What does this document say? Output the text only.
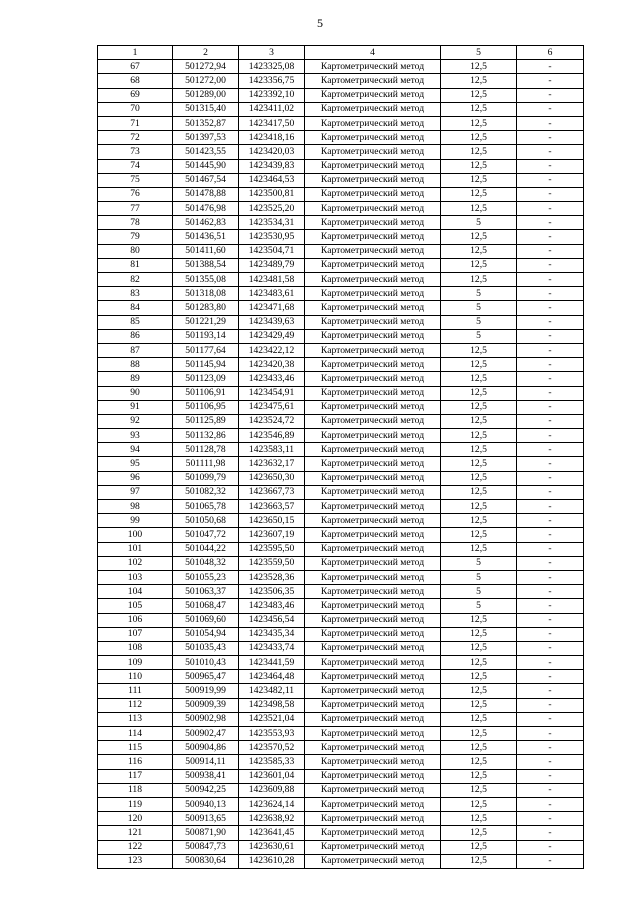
5
1	2	3	4	5	6
67	501272,94	1423325,08	Картометрический метод	12,5	-
68	501272,00	1423356,75	Картометрический метод	12,5	-
69	501289,00	1423392,10	Картометрический метод	12,5	-
70	501315,40	1423411,02	Картометрический метод	12,5	-
71	501352,87	1423417,50	Картометрический метод	12,5	-
72	501397,53	1423418,16	Картометрический метод	12,5	-
73	501423,55	1423420,03	Картометрический метод	12,5	-
74	501445,90	1423439,83	Картометрический метод	12,5	-
75	501467,54	1423464,53	Картометрический метод	12,5	-
76	501478,88	1423500,81	Картометрический метод	12,5	-
77	501476,98	1423525,20	Картометрический метод	12,5	-
78	501462,83	1423534,31	Картометрический метод	5	-
79	501436,51	1423530,95	Картометрический метод	12,5	-
80	501411,60	1423504,71	Картометрический метод	12,5	-
81	501388,54	1423489,79	Картометрический метод	12,5	-
82	501355,08	1423481,58	Картометрический метод	12,5	-
83	501318,08	1423483,61	Картометрический метод	5	-
84	501283,80	1423471,68	Картометрический метод	5	-
85	501221,29	1423439,63	Картометрический метод	5	-
86	501193,14	1423429,49	Картометрический метод	5	-
87	501177,64	1423422,12	Картометрический метод	12,5	-
88	501145,94	1423420,38	Картометрический метод	12,5	-
89	501123,09	1423433,46	Картометрический метод	12,5	-
90	501106,91	1423454,91	Картометрический метод	12,5	-
91	501106,95	1423475,61	Картометрический метод	12,5	-
92	501125,89	1423524,72	Картометрический метод	12,5	-
93	501132,86	1423546,89	Картометрический метод	12,5	-
94	501128,78	1423583,11	Картометрический метод	12,5	-
95	501111,98	1423632,17	Картометрический метод	12,5	-
96	501099,79	1423650,30	Картометрический метод	12,5	-
97	501082,32	1423667,73	Картометрический метод	12,5	-
98	501065,78	1423663,57	Картометрический метод	12,5	-
99	501050,68	1423650,15	Картометрический метод	12,5	-
100	501047,72	1423607,19	Картометрический метод	12,5	-
101	501044,22	1423595,50	Картометрический метод	12,5	-
102	501048,32	1423559,50	Картометрический метод	5	-
103	501055,23	1423528,36	Картометрический метод	5	-
104	501063,37	1423506,35	Картометрический метод	5	-
105	501068,47	1423483,46	Картометрический метод	5	-
106	501069,60	1423456,54	Картометрический метод	12,5	-
107	501054,94	1423435,34	Картометрический метод	12,5	-
108	501035,43	1423433,74	Картометрический метод	12,5	-
109	501010,43	1423441,59	Картометрический метод	12,5	-
110	500965,47	1423464,48	Картометрический метод	12,5	-
111	500919,99	1423482,11	Картометрический метод	12,5	-
112	500909,39	1423498,58	Картометрический метод	12,5	-
113	500902,98	1423521,04	Картометрический метод	12,5	-
114	500902,47	1423553,93	Картометрический метод	12,5	-
115	500904,86	1423570,52	Картометрический метод	12,5	-
116	500914,11	1423585,33	Картометрический метод	12,5	-
117	500938,41	1423601,04	Картометрический метод	12,5	-
118	500942,25	1423609,88	Картометрический метод	12,5	-
119	500940,13	1423624,14	Картометрический метод	12,5	-
120	500913,65	1423638,92	Картометрический метод	12,5	-
121	500871,90	1423641,45	Картометрический метод	12,5	-
122	500847,73	1423630,61	Картометрический метод	12,5	-
123	500830,64	1423610,28	Картометрический метод	12,5	-
